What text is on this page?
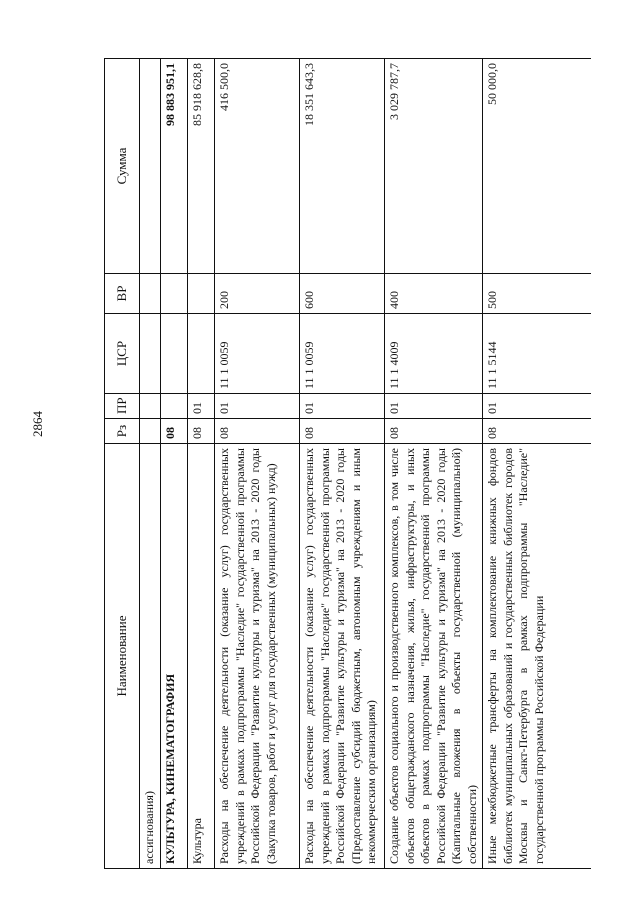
2864
Наименование	Рз	ПР	ЦСР	ВР	Сумма
ассигнования)					
КУЛЬТУРА, КИНЕМАТОГРАФИЯ	08				98 883 951,1
Культура	08	01			85 918 628,8
Расходы на обеспечение деятельности (оказание услуг) государственных учреждений в рамках подпрограммы "Наследие" государственной программы Российской Федерации "Развитие культуры и туризма" на 2013 - 2020 годы (Закупка товаров, работ и услуг для государственных (муниципальных) нужд)	08	01	11 1 0059	200	416 500,0
Расходы на обеспечение деятельности (оказание услуг) государственных учреждений в рамках подпрограммы "Наследие" государственной программы Российской Федерации "Развитие культуры и туризма" на 2013 - 2020 годы (Предоставление субсидий бюджетным, автономным учреждениям и иным некоммерческим организациям)	08	01	11 1 0059	600	18 351 643,3
Создание объектов социального и производственного комплексов, в том числе объектов общегражданского назначения, жилья, инфраструктуры, и иных объектов в рамках подпрограммы "Наследие" государственной программы Российской Федерации "Развитие культуры и туризма" на 2013 - 2020 годы (Капитальные вложения в объекты государственной (муниципальной) собственности)	08	01	11 1 4009	400	3 029 787,7
Иные межбюджетные трансферты на комплектование книжных фондов библиотек муниципальных образований и государственных библиотек городов Москвы и Санкт-Петербурга в рамках подпрограммы "Наследие" государственной программы Российской Федерации	08	01	11 1 5144	500	50 000,0
